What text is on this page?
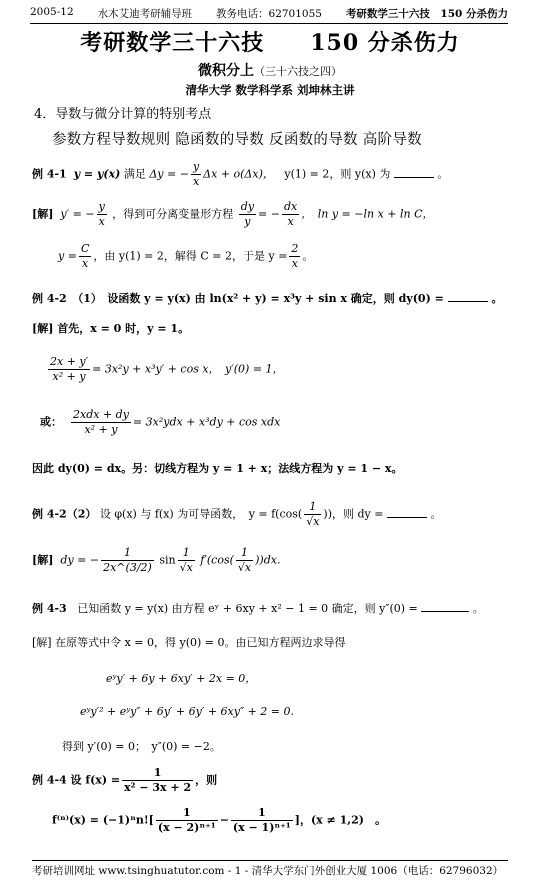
2005-12 水木艾迪考研辅导班 教务电话：62701055 考研数学三十六技　150 分杀伤力
考研数学三十六技 150 分杀伤力
微积分上（三十六技之四）
清华大学 数学科学系 刘坤林主讲
4．导数与微分计算的特别考点
参数方程导数规则 隐函数的导数 反函数的导数 高阶导数
例 4-1 y = y(x) 满足 Δy = − $\frac{y}{x}$ Δx + o(Δx)， y(1) = 2，则 y(x) 为	。
[解] y′ = − $\frac{y}{x}$ ，得到可分离变量形方程 $\frac{dy}{y}$ = − $\frac{dx}{x}$ ，　ln y = −ln x + ln C，
$y = \frac{C}{x}$ ，由 y(1) = 2，解得 C = 2，于是 $y = \frac{2}{x}$ 。
例 4-2　（1）　设函数 y = y(x) 由 ln(x² + y) = x³y + sin x 确定，则 dy(0) =	。
[解] 首先，x = 0 时，y = 1。
$\frac{2x + y'}{\text{x² + y}} = 3x^2y + x^3y' + \cos x$，　y′(0) = 1，
或： $\frac{\text{2xdx + dy}}{\text{x² + y}} = 3x^2ydx + x^3dy + \cos$ xdx
因此 dy(0) = dx。另：切线方程为 y = 1 + x；法线方程为 y = 1 − x。
例 4-2（2） 设 φ(x) 与 f(x) 为可导函数，　$y = f(\cos( \frac{1}{√x}$ ))，则 dy =	。
[解] dy = − $\frac{1}{2x\^{}(3/2)}$ $\sin \frac{1}{√x} f'(\cos( \frac{1}{√x} ))dx$.
例 4-3 已知函数 y = y(x) 由方程 eʸ + 6xy + x² − 1 = 0 确定，则 y″(0) =	。
[解] 在原等式中令 x = 0，得 y(0) = 0。由已知方程两边求导得
eʸy′ + 6y + 6xy′ + 2x = 0，
eʸy′² + eʸy″ + 6y′ + 6y′ + 6xy″ + 2 = 0.
得到 y′(0) = 0；　y″(0) = −2。
例 4-4 设 $f(x) = \frac{1}{\text{x² − 3x + 2}}$ ，则
$f^{(n)}(x) = (-1)^nn![ \frac{1}{\text{(x − 2)ⁿ⁺¹}} - \frac{1}{\text{(x − 1)ⁿ⁺¹}}$ ]，(x ≠ 1,2)　。
考研培训网址 www.tsinghuatutor.com - 1 - 清华大学东门外创业大厦 1006（电话：62796032）
